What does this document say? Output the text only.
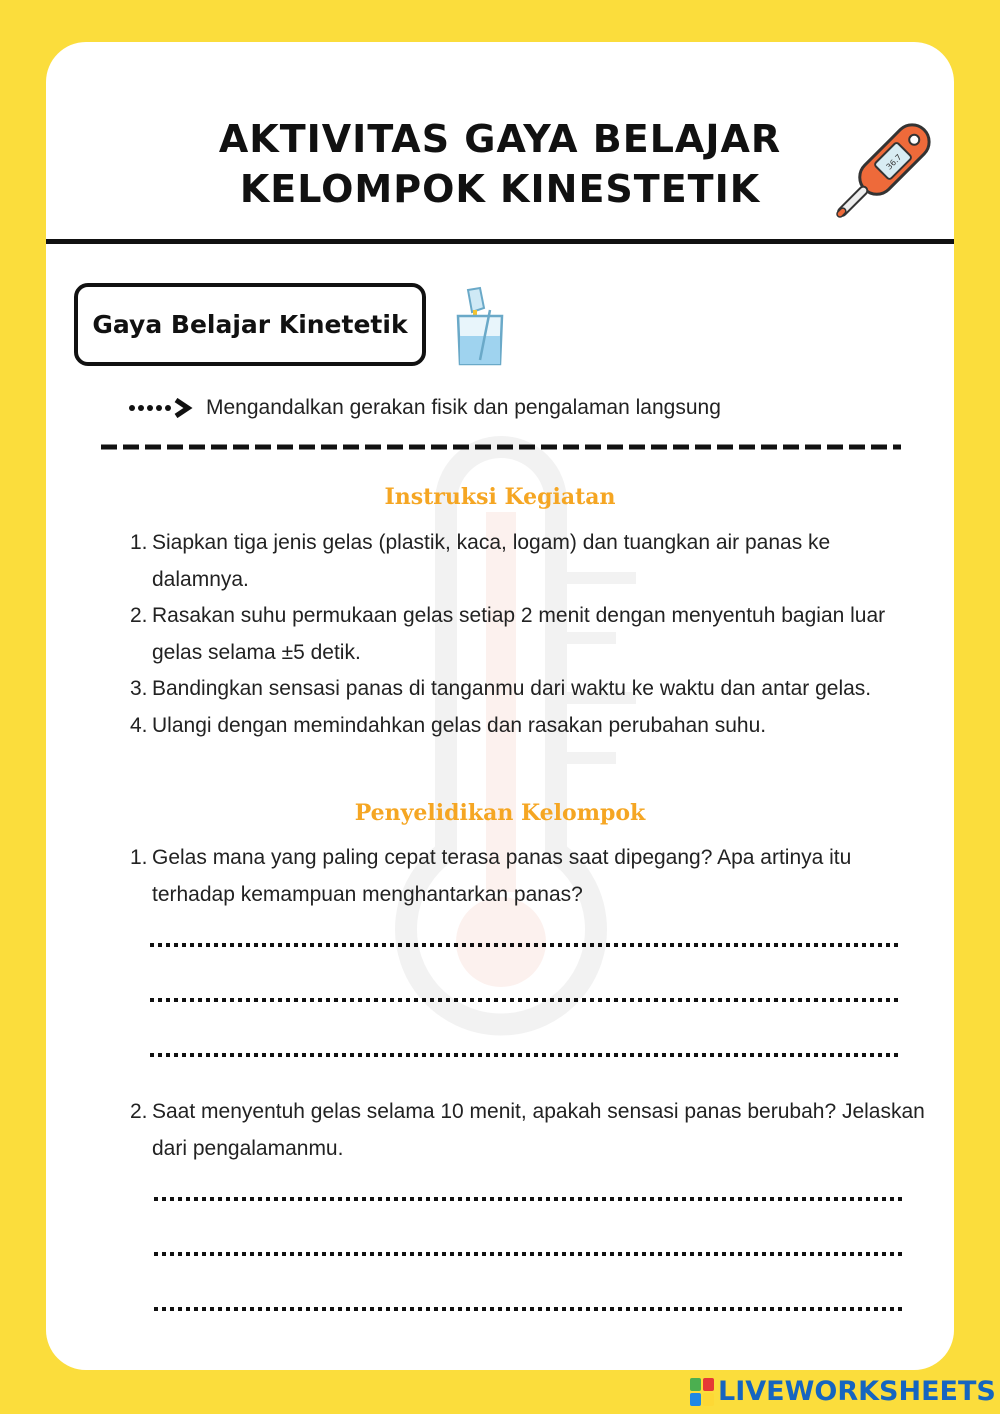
AKTIVITAS GAYA BELAJAR
KELOMPOK KINESTETIK
36.7
Gaya Belajar Kinetetik
Mengandalkan gerakan fisik dan pengalaman langsung
Instruksi Kegiatan
1. Siapkan tiga jenis gelas (plastik, kaca, logam) dan tuangkan air panas ke dalamnya.
2. Rasakan suhu permukaan gelas setiap 2 menit dengan menyentuh bagian luar gelas selama ±5 detik.
3. Bandingkan sensasi panas di tanganmu dari waktu ke waktu dan antar gelas.
4. Ulangi dengan memindahkan gelas dan rasakan perubahan suhu.
Penyelidikan Kelompok
1. Gelas mana yang paling cepat terasa panas saat dipegang? Apa artinya itu terhadap kemampuan menghantarkan panas?
2. Saat menyentuh gelas selama 10 menit, apakah sensasi panas berubah? Jelaskan dari pengalamanmu.
LIVEWORKSHEETS
